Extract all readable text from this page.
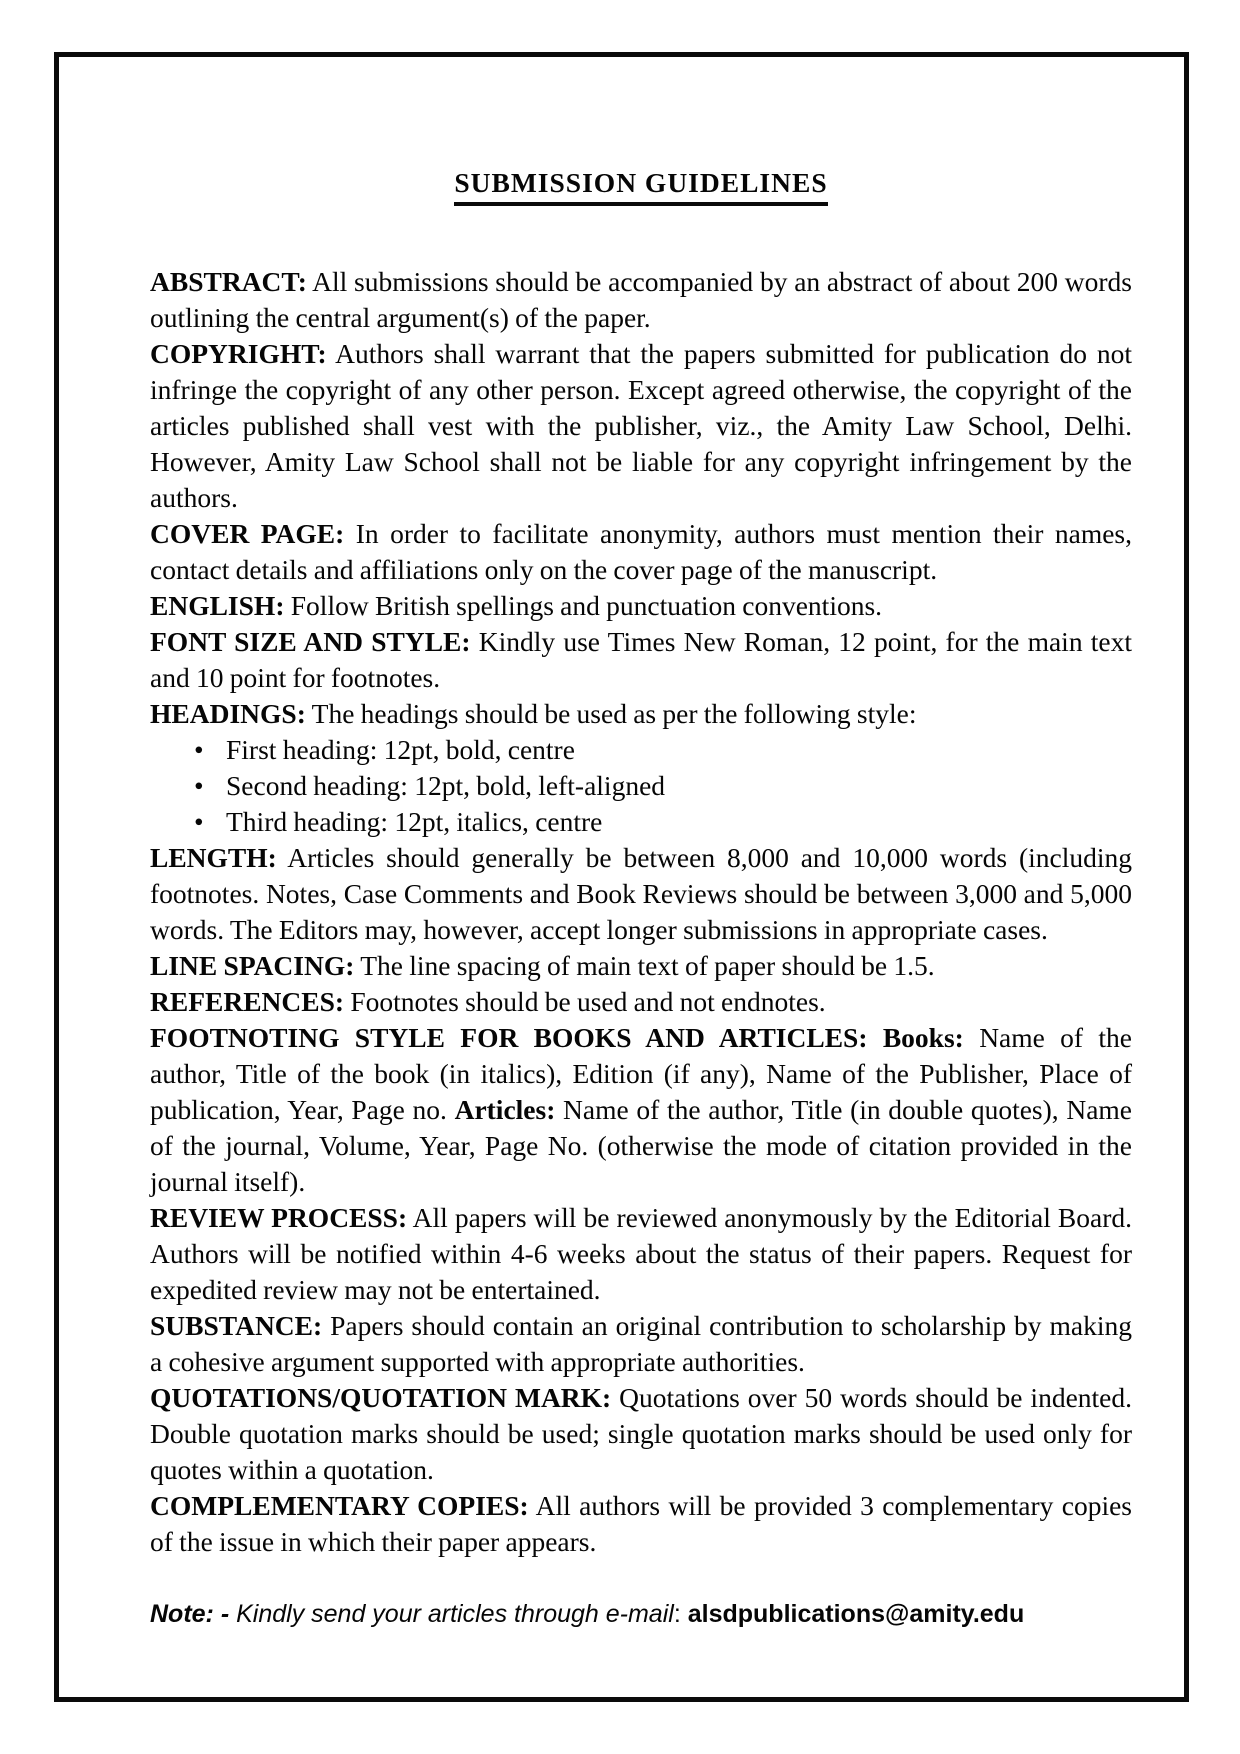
SUBMISSION GUIDELINES

ABSTRACT: All submissions should be accompanied by an abstract of about 200 words outlining the central argument(s) of the paper.

COPYRIGHT: Authors shall warrant that the papers submitted for publication do not infringe the copyright of any other person. Except agreed otherwise, the copyright of the articles published shall vest with the publisher, viz., the Amity Law School, Delhi. However, Amity Law School shall not be liable for any copyright infringement by the authors.

COVER PAGE: In order to facilitate anonymity, authors must mention their names, contact details and affiliations only on the cover page of the manuscript.

ENGLISH: Follow British spellings and punctuation conventions.

FONT SIZE AND STYLE: Kindly use Times New Roman, 12 point, for the main text and 10 point for footnotes.

HEADINGS: The headings should be used as per the following style:

• First heading: 12pt, bold, centre
• Second heading: 12pt, bold, left-aligned
• Third heading: 12pt, italics, centre

LENGTH: Articles should generally be between 8,000 and 10,000 words (including footnotes. Notes, Case Comments and Book Reviews should be between 3,000 and 5,000 words. The Editors may, however, accept longer submissions in appropriate cases.

LINE SPACING: The line spacing of main text of paper should be 1.5.

REFERENCES: Footnotes should be used and not endnotes.

FOOTNOTING STYLE FOR BOOKS AND ARTICLES: Books: Name of the author, Title of the book (in italics), Edition (if any), Name of the Publisher, Place of publication, Year, Page no. Articles: Name of the author, Title (in double quotes), Name of the journal, Volume, Year, Page No. (otherwise the mode of citation provided in the journal itself).

REVIEW PROCESS: All papers will be reviewed anonymously by the Editorial Board. Authors will be notified within 4-6 weeks about the status of their papers. Request for expedited review may not be entertained.

SUBSTANCE: Papers should contain an original contribution to scholarship by making a cohesive argument supported with appropriate authorities.

QUOTATIONS/QUOTATION MARK: Quotations over 50 words should be indented. Double quotation marks should be used; single quotation marks should be used only for quotes within a quotation.

COMPLEMENTARY COPIES: All authors will be provided 3 complementary copies of the issue in which their paper appears.

Note: - Kindly send your articles through e-mail: alsdpublications@amity.edu
